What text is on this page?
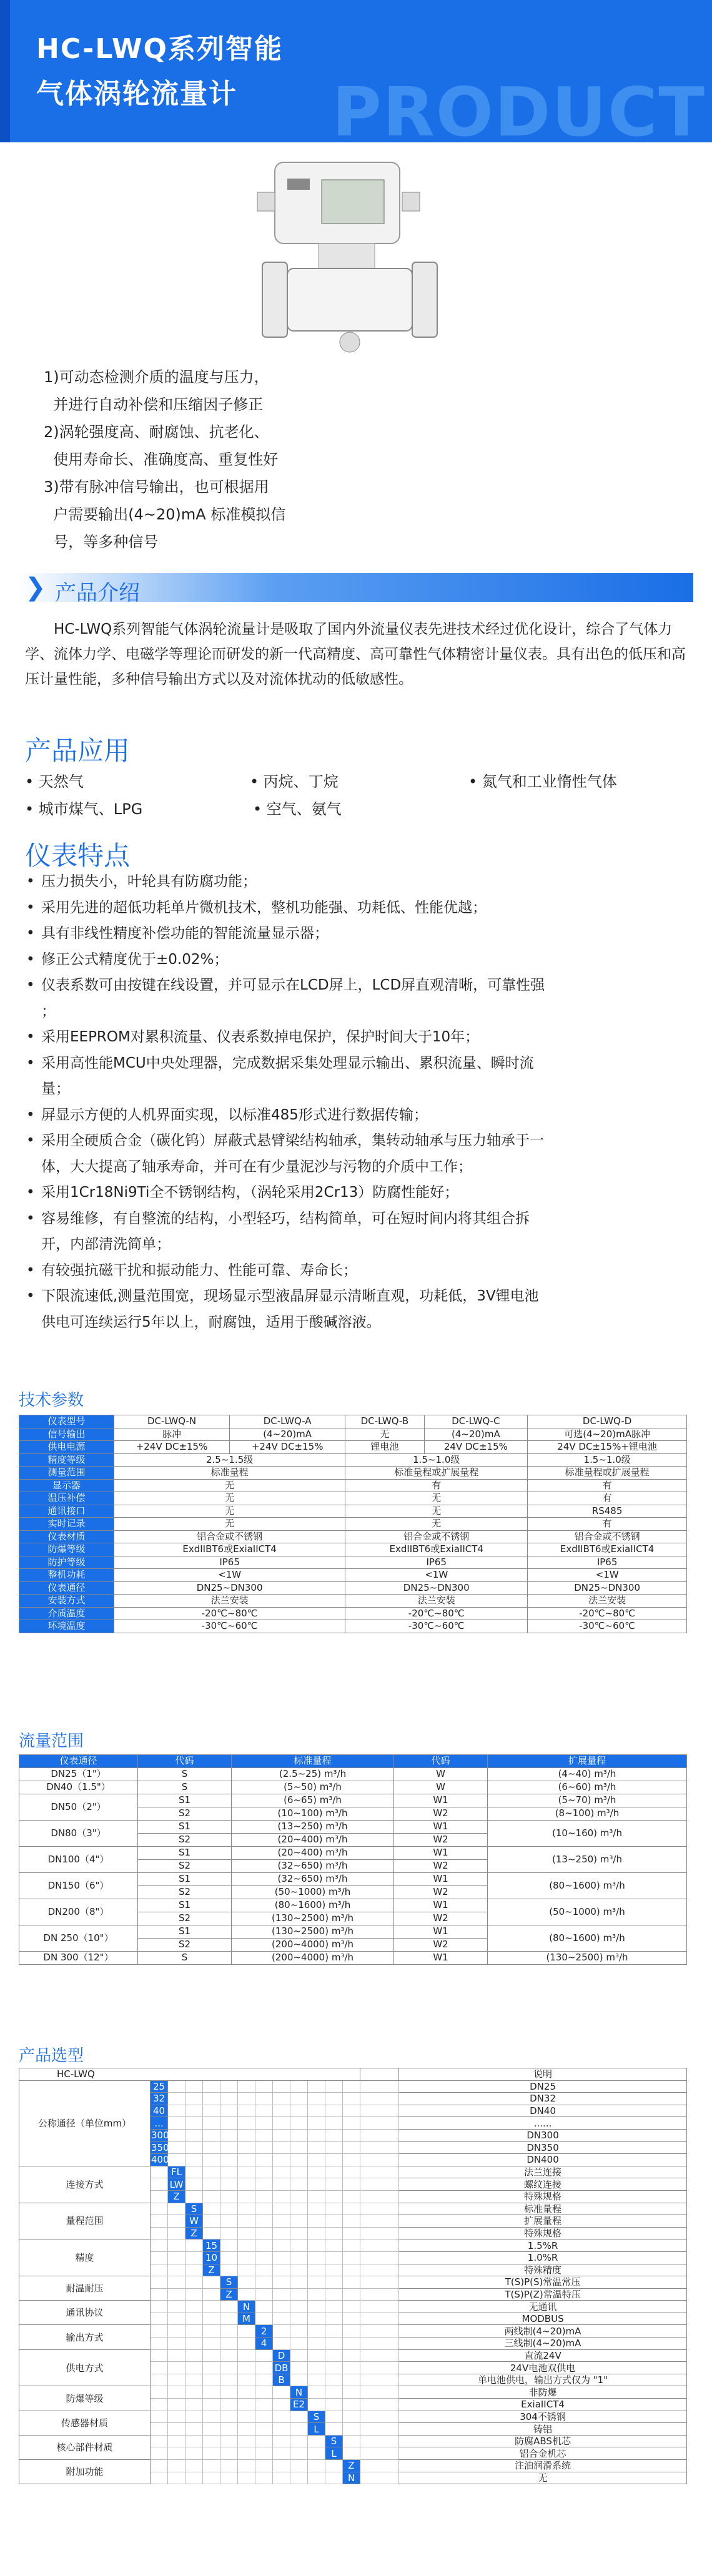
PRODUCT
HC-LWQ系列智能
气体涡轮流量计

1)可动态检测介质的温度与压力，

并进行自动补偿和压缩因子修正

2)涡轮强度高、耐腐蚀、抗老化、

使用寿命长、准确度高、重复性好

3)带有脉冲信号输出，也可根据用

户需要输出(4~20)mA 标准模拟信

号，等多种信号

❯ 产品介绍

HC-LWQ系列智能气体涡轮流量计是吸取了国内外流量仪表先进技术经过优化设计，综合了气体力学、流体力学、电磁学等理论而研发的新一代高精度、高可靠性气体精密计量仪表。具有出色的低压和高压计量性能，多种信号输出方式以及对流体扰动的低敏感性。

产品应用
• 天然气	• 丙烷、丁烷	• 氮气和工业惰性气体
• 城市煤气、LPG	• 空气、氨气
仪表特点
• 压力损失小，叶轮具有防腐功能；
• 采用先进的超低功耗单片微机技术，整机功能强、功耗低、性能优越；
• 具有非线性精度补偿功能的智能流量显示器；
• 修正公式精度优于±0.02%；
• 仪表系数可由按键在线设置，并可显示在LCD屏上，LCD屏直观清晰，可靠性强
；
• 采用EEPROM对累积流量、仪表系数掉电保护，保护时间大于10年；
• 采用高性能MCU中央处理器，完成数据采集处理显示输出、累积流量、瞬时流
量；
• 屏显示方便的人机界面实现，以标准485形式进行数据传输；
• 采用全硬质合金（碳化钨）屏蔽式悬臂梁结构轴承，集转动轴承与压力轴承于一
体，大大提高了轴承寿命，并可在有少量泥沙与污物的介质中工作；
• 采用1Cr18Ni9Ti全不锈钢结构，（涡轮采用2Cr13）防腐性能好；
• 容易维修，有自整流的结构，小型轻巧，结构简单，可在短时间内将其组合拆
开，内部清洗简单；
• 有较强抗磁干扰和振动能力、性能可靠、寿命长；
• 下限流速低,测量范围宽，现场显示型液晶屏显示清晰直观，功耗低，3V锂电池
供电可连续运行5年以上，耐腐蚀，适用于酸碱溶液。
技术参数
仪表型号	DC-LWQ-N	DC-LWQ-A	DC-LWQ-B	DC-LWQ-C	DC-LWQ-D
信号输出	脉冲	(4~20)mA	无	(4~20)mA	可选(4~20)mA脉冲
供电电源	+24V DC±15%	+24V DC±15%	锂电池	24V DC±15%	24V DC±15%+锂电池
精度等级	2.5~1.5级		1.5~1.0级		1.5~1.0级
测量范围	标准量程		标准量程或扩展量程		标准量程或扩展量程
显示器	无		有		有
温压补偿	无		无		有
通讯接口	无		无		RS485
实时记录	无		无		有
仪表材质	铝合金或不锈钢		铝合金或不锈钢		铝合金或不锈钢
防爆等级	ExdIIBT6或ExiaIICT4		ExdIIBT6或ExiaIICT4		ExdIIBT6或ExiaIICT4
防护等级	IP65		IP65		IP65
整机功耗	<1W		<1W		<1W
仪表通径	DN25~DN300		DN25~DN300		DN25~DN300
安装方式	法兰安装		法兰安装		法兰安装
介质温度	-20℃~80℃		-20℃~80℃		-20℃~80℃
环境温度	-30℃~60℃		-30℃~60℃		-30℃~60℃
流量范围
仪表通径	代码	标准量程	代码	扩展量程
DN25（1"）	S	(2.5~25) m³/h	W	(4~40) m³/h
DN40（1.5"）	S	(5~50) m³/h	W	(6~60) m³/h
DN50（2"）	S1	(6~65) m³/h	W1	(5~70) m³/h
	S2	(10~100) m³/h	W2	(8~100) m³/h
DN80（3"）	S1	(13~250) m³/h	W1	(10~160) m³/h
	S2	(20~400) m³/h	W2	
DN100（4"）	S1	(20~400) m³/h	W1	(13~250) m³/h
	S2	(32~650) m³/h	W2	
DN150（6"）	S1	(32~650) m³/h	W1	(80~1600) m³/h
	S2	(50~1000) m³/h	W2	
DN200（8"）	S1	(80~1600) m³/h	W1	(50~1000) m³/h
	S2	(130~2500) m³/h	W2	
DN 250（10"）	S1	(130~2500) m³/h	W1	(80~1600) m³/h
	S2	(200~4000) m³/h	W2	
DN 300（12"）	S	(200~4000) m³/h	W1	(130~2500) m³/h
产品选型
HC-LWQ														说明
公称通径（单位mm）	25													DN25
	32													DN32
	40													DN40
	...													......
	300													DN300
	350													DN350
	400													DN400
连接方式		FL												法兰连接
		LW												螺纹连接
		Z												特殊规格
量程范围			S											标准量程
			W											扩展量程
			Z											特殊规格
精度				15										1.5%R
				10										1.0%R
				Z										特殊精度
耐温耐压					S									T(S)P(S)常温常压
					Z									T(S)P(Z)常温特压
通讯协议						N								无通讯
						M								MODBUS
输出方式							2							两线制(4~20)mA
							4							三线制(4~20)mA
供电方式								D						直流24V
								DB						24V电池双供电
								B						单电池供电，输出方式仅为 "1"
防爆等级									N					非防爆
									E2					ExiaIICT4
传感器材质										S				304不锈钢
										L				铸铝
核心部件材质											S			防腐ABS机芯
											L			铝合金机芯
附加功能												Z		注油润滑系统
												N		无
